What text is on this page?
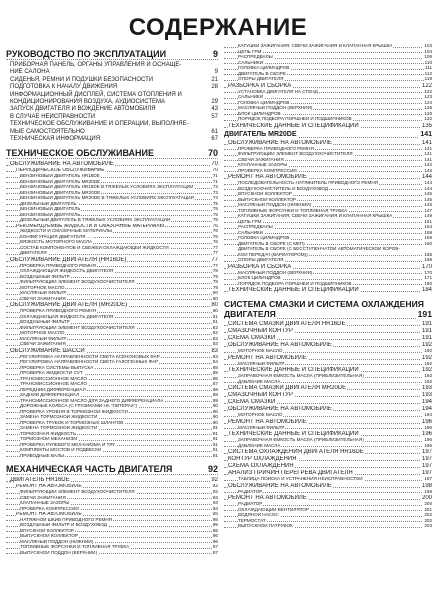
СОДЕРЖАНИЕ
РУКОВОДСТВО ПО ЭКСПЛУАТАЦИИ	9
ПРИБОРНАЯ ПАНЕЛЬ, ОРГАНЫ УПРАВЛЕНИЯ И ОСНАЩЕ-
НИЕ САЛОНА	9
СИДЕНЬЯ, РЕМНИ И ПОДУШКИ БЕЗОПАСНОСТИ	21
ПОДГОТОВКА К НАЧАЛУ ДВИЖЕНИЯ	28
ИНФОРМАЦИОННЫЙ ДИСПЛЕЙ, СИСТЕМА ОТОПЛЕНИЯ И
КОНДИЦИОНИРОВАНИЯ ВОЗДУХА, АУДИОСИСТЕМА	29
ЗАПУСК ДВИГАТЕЛЯ И ВОЖДЕНИЕ АВТОМОБИЛЯ	43
В СЛУЧАЕ НЕИСПРАВНОСТИ	57
ТЕХНИЧЕСКОЕ ОБСЛУЖИВАНИЕ И ОПЕРАЦИИ, ВЫПОЛНЯЕ-
МЫЕ САМОСТОЯТЕЛЬНО	61
ТЕХНИЧЕСКАЯ ИНФОРМАЦИЯ	67
ТЕХНИЧЕСКОЕ ОБСЛУЖИВАНИЕ	70
ОБСЛУЖИВАНИЕ НА АВТОМОБИЛЕ	70
ПЕРИОДИЧЕСКОЕ ОБСЛУЖИВАНИЕ	70
БЕНЗИНОВЫЙ ДВИГАТЕЛЬ HR16DE	71
БЕНЗИНОВЫЙ ДВИГАТЕЛЬ MR20DE	71
БЕНЗИНОВЫЙ ДВИГАТЕЛЬ HR16DE В ТЯЖЕЛЫХ УСЛОВИЯХ ЭКСПЛУАТАЦИИ	72
БЕНЗИНОВЫЙ ДВИГАТЕЛЬ MR20DE	73
БЕНЗИНОВЫЙ ДВИГАТЕЛЬ MR20DE В ТЯЖЕЛЫХ УСЛОВИЯХ ЭКСПЛУАТАЦИИ	74
ДИЗЕЛЬНЫЙ ДВИГАТЕЛЬ	75
БЕНЗИНОВЫЙ ДВИГАТЕЛЬ	75
БЕНЗИНОВЫЙ ДВИГАТЕЛЬ	75
ДИЗЕЛЬНЫЙ ДВИГАТЕЛЬ В ТЯЖЕЛЫХ УСЛОВИЯХ ЭКСПЛУАТАЦИИ	75
РЕКОМЕНДУЕМЫЕ ЖИДКОСТИ И СМАЗОЧНЫЕ МАТЕРИАЛЫ	76
ЖИДКОСТИ И СМАЗОЧНЫЕ МАТЕРИАЛЫ	76
КОНФИГУРАЦИЯ ДВИГАТЕЛЯ ...	76
ВЯЗКОСТЬ МОТОРНОГО МАСЛА	76
СОСТАВ КОМПОНЕНТОВ И СВЕЖЕЙ ОХЛАЖДАЮЩЕЙ ЖИДКОСТИ	77
ДВИГАТЕЛЯ	77
ОБСЛУЖИВАНИЕ ДВИГАТЕЛЯ (HR16DE)	77
ПРОВЕРКА ПРИВОДНОГО РЕМНЯ	77
ОХЛАЖДАЮЩАЯ ЖИДКОСТЬ ДВИГАТЕЛЯ	78
ВОЗДУШНЫЙ ФИЛЬТР	79
ФИЛЬТРУЮЩИЙ ЭЛЕМЕНТ ВОЗДУХООЧИСТИТЕЛЯ	79
МОТОРНОЕ МАСЛО	79
МАСЛЯНЫЙ ФИЛЬТР	80
СВЕЧИ ЗАЖИГАНИЯ	80
ОБСЛУЖИВАНИЕ ДВИГАТЕЛЯ (MR20DE)	80
ПРОВЕРКА ПРИВОДНОГО РЕМНЯ	80
ОХЛАЖДАЮЩАЯ ЖИДКОСТЬ ДВИГАТЕЛЯ	81
ВОЗДУШНЫЙ ФИЛЬТР	81
ФИЛЬТРУЮЩИЙ ЭЛЕМЕНТ ВОЗДУХООЧИСТИТЕЛЯ	82
МОТОРНОЕ МАСЛО	82
МАСЛЯНЫЙ ФИЛЬТР	82
СВЕЧИ ЗАЖИГАНИЯ	83
ОБСЛУЖИВАНИЕ ШАССИ	83
РЕГУЛИРОВКА НАПРАВЛЕННОСТИ СВЕТА КСЕНОНОВЫХ ФАР	83
РЕГУЛИРОВКА НАПРАВЛЕННОСТИ СВЕТА ГАЛОГЕННЫХ ФАР	84
ПРОВЕРКА СИСТЕМЫ ВЫПУСКА	85
ПРОВЕРКА ЖИДКОСТИ CVT	85
ТРАНСМИССИОННОЕ МАСЛО	86
ТРАНСМИССИОННОЕ МАСЛО	87
ПЕРЕДНИЙ ДИФФЕРЕНЦИАЛ	88
ЗАДНИЙ ДИФФЕРЕНЦИАЛ	88
ТРАНСМИССИОННОЕ МАСЛО ДЛЯ ЗАДНЕГО ДИФФЕРЕНЦИАЛА	89
ДОРОЖНЫЕ КОЛЕСА (С ГРУЗИКАМИ НА "ЛИТЕРАХ")	90
ПРОВЕРКА УРОВНЯ В ТОРМОЗНОЙ ЖИДКОСТИ	90
ЗАМЕНА ТОРМОЗНОЙ ЖИДКОСТИ	90
ПРОВЕРКА ТРУБОК И ТОРМОЗНЫХ ШЛАНГОВ	90
ЗАМЕНА ТОРМОЗНОЙ ЖИДКОСТИ	91
ТОРМОЗНАЯ ЖИДКОСТЬ	91
ТОРМОЗНОЙ МЕХАНИЗМ	91
ПРОВЕРКА РУЛЕВОГО МЕХАНИЗМА И ТЯГ	91
КОМПЛЕКТЫ МОСТОВ И ПОДВЕСКИ	91
ПРИВОДНЫЕ ВАЛЫ	91
МЕХАНИЧЕСКАЯ ЧАСТЬ ДВИГАТЕЛЯ	92
ДВИГАТЕЛЬ HR16DE	92
РЕМОНТ НА АВТОМОБИЛЕ	92
ФИЛЬТРУЮЩИЙ ЭЛЕМЕНТ ВОЗДУХООЧИСТИТЕЛЯ	92
СВЕЧИ ЗАЖИГАНИЯ	93
КЛАПАННЫЕ ЗАЗОРЫ	93
ПРОВЕРКА КОМПРЕССИИ	94
РЕМОНТ НА АВТОМОБИЛЕ	95
НАТЯЖНОЙ ШКИВ ПРИВОДНОГО РЕМНЯ	95
ВОЗДУШНЫЙ ФИЛЬТР И ВОЗДУХОВОД	95
ВПУСКНОЙ КОЛЛЕКТОР	95
ВЫПУСКНОЙ КОЛЛЕКТОР	96
МАСЛЯНЫЙ ПОДДОН (НИЖНИЙ)	96
ТОПЛИВНЫЕ ФОРСУНКИ И ТОПЛИВНАЯ ТРУБКА	97
ВЫПУСКНОЙ ПОДДОН (ВЕРХНИЙ)	97
КАТУШКИ ЗАЖИГАНИЯ, СВЕЧИ ЗАЖИГАНИЯ И КЛАПАННАЯ КРЫШКА	103
ЦЕПЬ ГРМ	104
РАСПРЕДВАЛЫ	106
САЛЬНИКИ	110
ГОЛОВКА ЦИЛИНДРОВ	111
ДВИГАТЕЛЬ В СБОРЕ	112
ОПОРЫ ДВИГАТЕЛЯ	118
РАЗБОРКА И СБОРКА	122
УСТАНОВКА ДВИГАТЕЛЯ НА СТЕНД	122
САЛЬНИКИ	123
ГОЛОВКА ЦИЛИНДРОВ	124
МАСЛЯНЫЙ ПОДДОН (ВЕРХНИЙ)	126
БЛОК ЦИЛИНДРОВ	126
ПОРЯДОК ПОДБОРА ПОРШНЕЙ И ПОДШИПНИКОВ	132
ТЕХНИЧЕСКИЕ ДАННЫЕ И СПЕЦИФИКАЦИИ	135
ДВИГАТЕЛЬ MR20DE	141
ОБСЛУЖИВАНИЕ НА АВТОМОБИЛЕ	141
ПРОВЕРКА ПРИВОДНОГО РЕМНЯ	141
ФИЛЬТРУЮЩИЙ ЭЛЕМЕНТ ВОЗДУХООЧИСТИТЕЛЯ	141
СВЕЧИ ЗАЖИГАНИЯ	141
КЛАПАННЫЕ ЗАЗОРЫ	142
ПРОВЕРКА КОМПРЕССИИ	143
РЕМОНТ НА АВТОМОБИЛЕ	144
ПОСЛЕДОВАТЕЛЬНОСТЬ НАТЯЖИТЕЛЬ ПРИВОДНОГО РЕМНЯ	144
ВОЗДУХООЧИСТИТЕЛЬ И ВОЗДУХОВОД	144
ВПУСКНОЙ КОЛЛЕКТОР	145
ВЫПУСКНОЙ КОЛЛЕКТОР	145
МАСЛЯНЫЙ ПОДДОН (НИЖНИЙ)	146
ТОПЛИВНЫЕ ФОРСУНКИ И ТОПЛИВНАЯ ТРУБКА	147
КАТУШКИ ЗАЖИГАНИЯ, СВЕЧИ ЗАЖИГАНИЯ И КЛАПАННАЯ КРЫШКА	149
ЦЕПЬ ГРМ	151
РАСПРЕДВАЛЫ	154
САЛЬНИКИ	158
ГОЛОВКА ЦИЛИНДРОВ	159
ДВИГАТЕЛЬ В СБОРЕ (С МКП)	160
ДВИГАТЕЛЬ В СБОРЕ (С БЕССТУПЕНЧАТОЙ АВТОМАТИЧЕСКОЙ КОРОБ-
КОЙ ПЕРЕДАЧ (ВАРИАТОРОМ))	165
ОПОРЫ ДВИГАТЕЛЯ	168
РАЗБОРКА И СБОРКА	170
МАСЛЯНЫЙ ПОДДОН (ВЕРХНИЙ)	170
БЛОК ЦИЛИНДРОВ	171
ПОРЯДОК ПОДБОРА ПОРШНЕЙ И ПОДШИПНИКОВ	180
ТЕХНИЧЕСКИЕ ДАННЫЕ И СПЕЦИФИКАЦИИ	184
СИСТЕМА СМАЗКИ И СИСТЕМА ОХЛАЖДЕНИЯ
ДВИГАТЕЛЯ	191
СИСТЕМА СМАЗКИ ДВИГАТЕЛЯ HR16DE	191
СМАЗОЧНЫЙ КОНТУР	191
СХЕМА СМАЗКИ	191
ОБСЛУЖИВАНИЕ НА АВТОМОБИЛЕ	192
МОТОРНОЕ МАСЛО	192
РЕМОНТ НА АВТОМОБИЛЕ	192
МАСЛЯНЫЙ ФИЛЬТР	192
ТЕХНИЧЕСКИЕ ДАННЫЕ И СПЕЦИФИКАЦИИ	192
ЗАПРАВОЧНАЯ ЕМКОСТЬ МАСЛА (ПРИБЛИЗИТЕЛЬНАЯ)	192
ДАВЛЕНИЕ МАСЛА	192
СИСТЕМА СМАЗКИ ДВИГАТЕЛЯ MR20DE	193
СМАЗОЧНЫЙ КОНТУР	193
СХЕМА СМАЗКИ	194
ОБСЛУЖИВАНИЕ НА АВТОМОБИЛЕ	194
МОТОРНОЕ МАСЛО	194
РЕМОНТ НА АВТОМОБИЛЕ	196
МАСЛЯНЫЙ ФИЛЬТР	196
ТЕХНИЧЕСКИЕ ДАННЫЕ И СПЕЦИФИКАЦИИ	196
ЗАПРАВОЧНАЯ ЕМКОСТЬ МАСЛА (ПРИБЛИЗИТЕЛЬНАЯ)	196
ДАВЛЕНИЕ МАСЛА	196
СИСТЕМА ОХЛАЖДЕНИЯ ДВИГАТЕЛЯ HR16DE	197
КОНТУР ОХЛАЖДЕНИЯ	197
СХЕМА ОХЛАЖДЕНИЯ	197
АНАЛИЗ ПРИЧИН ПЕРЕГРЕВА ДВИГАТЕЛЯ	197
ТАБЛИЦА ПОИСКА И УСТРАНЕНИЯ НЕИСПРАВНОСТЕЙ	197
ОБСЛУЖИВАНИЕ НА АВТОМОБИЛЕ	198
РАДИАТОР	198
РЕМОНТ НА АВТОМОБИЛЕ	200
РАДИАТОР	200
ОХЛАЖДАЮЩИЙ ВЕНТИЛЯТОР	201
ВОДЯНОЙ НАСОС	202
ТЕРМОСТАТ	202
ВЫПУСКНОЙ ПАТРУБОК	203
